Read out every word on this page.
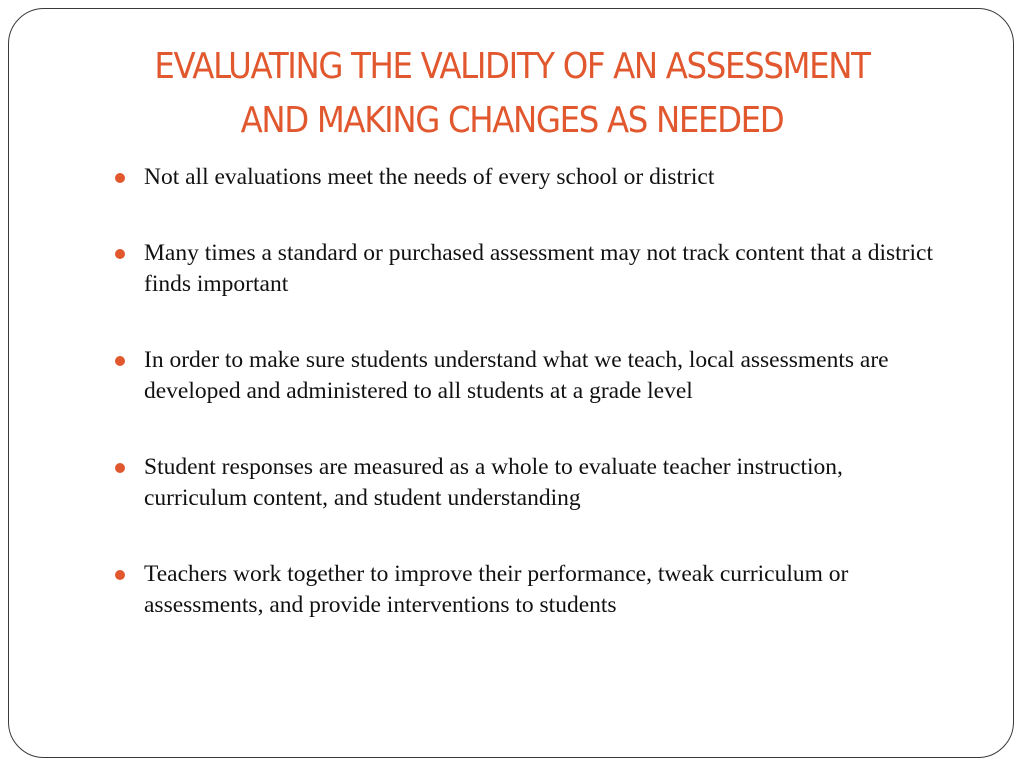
EVALUATING THE VALIDITY OF AN ASSESSMENT
AND MAKING CHANGES AS NEEDED
Not all evaluations meet the needs of every school or district
Many times a standard or purchased assessment may not track content that a district finds important
In order to make sure students understand what we teach, local assessments are developed and administered to all students at a grade level
Student responses are measured as a whole to evaluate teacher instruction, curriculum content, and student understanding
Teachers work together to improve their performance, tweak curriculum or assessments, and provide interventions to students
